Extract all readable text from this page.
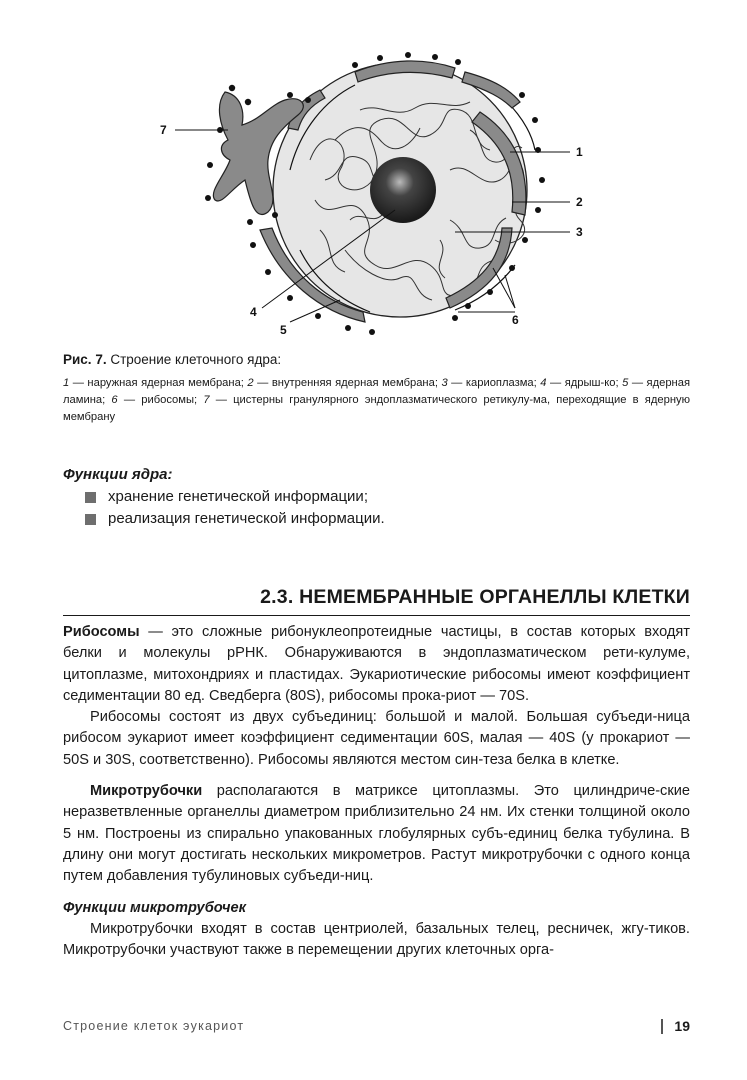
7
1
2
3
4
5
6

Рис. 7. Строение клеточного ядра:

1 — наружная ядерная мембрана; 2 — внутренняя ядерная мембрана; 3 — кариоплазма; 4 — ядрыш-ко; 5 — ядерная ламина; 6 — рибосомы; 7 — цистерны гранулярного эндоплазматического ретикулу-ма, переходящие в ядерную мембрану

Функции ядра:

хранение генетической информации;
реализация генетической информации.
2.3. НЕМЕМБРАННЫЕ ОРГАНЕЛЛЫ КЛЕТКИ

Рибосомы — это сложные рибонуклеопротеидные частицы, в состав которых входят белки и молекулы рРНК. Обнаруживаются в эндоплазматическом рети-кулуме, цитоплазме, митохондриях и пластидах. Эукариотические рибосомы имеют коэффициент седиментации 80 ед. Сведберга (80S), рибосомы прока-риот — 70S.

Рибосомы состоят из двух субъединиц: большой и малой. Большая субъеди-ница рибосом эукариот имеет коэффициент седиментации 60S, малая — 40S (у прокариот — 50S и 30S, соответственно). Рибосомы являются местом син-теза белка в клетке.

Микротрубочки располагаются в матриксе цитоплазмы. Это цилиндриче-ские неразветвленные органеллы диаметром приблизительно 24 нм. Их стенки толщиной около 5 нм. Построены из спирально упакованных глобулярных субъ-единиц белка тубулина. В длину они могут достигать нескольких микрометров. Растут микротрубочки с одного конца путем добавления тубулиновых субъеди-ниц.

Функции микротрубочек

Микротрубочки входят в состав центриолей, базальных телец, ресничек, жгу-тиков. Микротрубочки участвуют также в перемещении других клеточных орга-

Строение клеток эукариот	19
